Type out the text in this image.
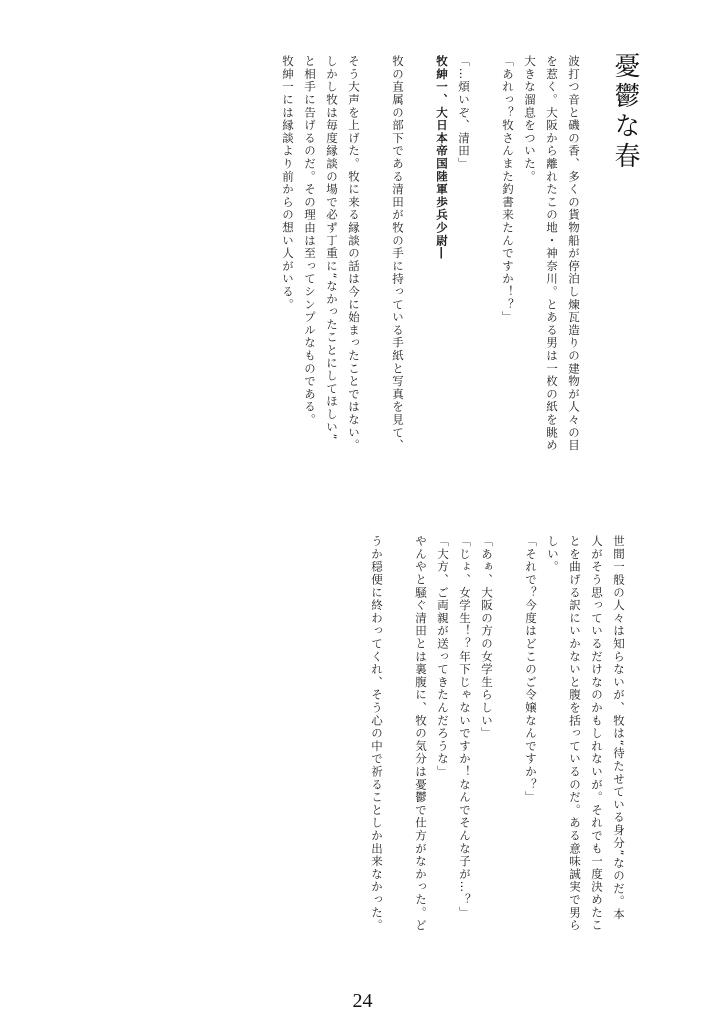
憂鬱な春

波打つ音と磯の香、多くの貨物船が停泊し煉瓦造りの建物が人々の目

を惹く。大阪から離れたこの地・神奈川。とある男は一枚の紙を眺め

大きな溜息をついた。

「あれっ？牧さんまた釣書来たんですか！？」

「…煩いぞ、清田」

牧紳一、大日本帝国陸軍歩兵少尉―

牧の直属の部下である清田が牧の手に持っている手紙と写真を見て、

そう大声を上げた。牧に来る縁談の話は今に始まったことではない。

しかし牧は毎度縁談の場で必ず丁重に“なかったことにしてほしい”

と相手に告げるのだ。その理由は至ってシンプルなものである。

牧紳一には縁談より前からの想い人がいる。

世間一般の人々は知らないが、牧は“待たせている身分”なのだ。本

人がそう思っているだけなのかもしれないが。それでも一度決めたこ

とを曲げる訳にいかないと腹を括っているのだ。ある意味誠実で男ら

しい。

「それで？今度はどこのご令嬢なんですか？」

「あぁ、大阪の方の女学生らしい」

「じょ、女学生！？年下じゃないですか！なんでそんな子が…？」

「大方、ご両親が送ってきたんだろうな」

やんやと騒ぐ清田とは裏腹に、牧の気分は憂鬱で仕方がなかった。ど

うか穏便に終わってくれ、そう心の中で祈ることしか出来なかった。

24
